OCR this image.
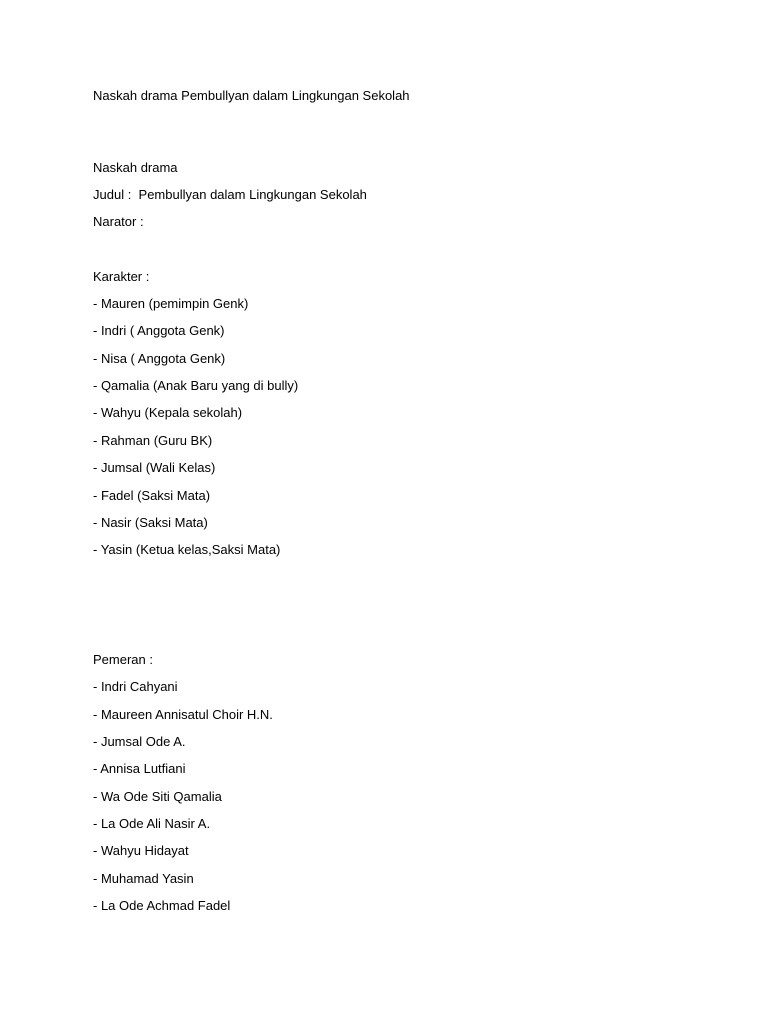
Naskah drama Pembullyan dalam Lingkungan Sekolah
Naskah drama
Judul :  Pembullyan dalam Lingkungan Sekolah
Narator :
Karakter :
- Mauren (pemimpin Genk)
- Indri ( Anggota Genk)
- Nisa ( Anggota Genk)
- Qamalia (Anak Baru yang di bully)
- Wahyu (Kepala sekolah)
- Rahman (Guru BK)
- Jumsal (Wali Kelas)
- Fadel (Saksi Mata)
- Nasir (Saksi Mata)
- Yasin (Ketua kelas,Saksi Mata)
Pemeran :
- Indri Cahyani
- Maureen Annisatul Choir H.N.
- Jumsal Ode A.
- Annisa Lutfiani
- Wa Ode Siti Qamalia
- La Ode Ali Nasir A.
- Wahyu Hidayat
- Muhamad Yasin
- La Ode Achmad Fadel
